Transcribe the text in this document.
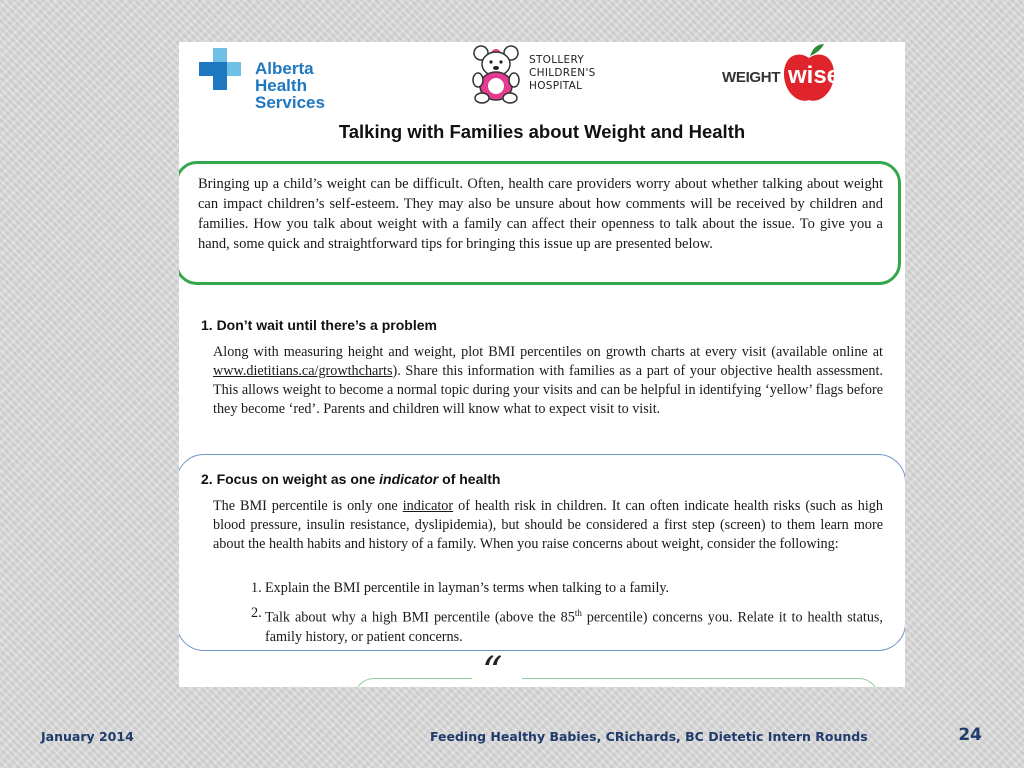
Alberta Health
Services
STOLLERY
CHILDREN'S
HOSPITAL	WEIGHT wise
Talking with Families about Weight and Health
Bringing up a child’s weight can be difficult. Often, health care providers worry about whether talking about weight can impact children’s self-esteem. They may also be unsure about how comments will be received by children and families. How you talk about weight with a family can affect their openness to talk about the issue. To give you a hand, some quick and straightforward tips for bringing this issue up are presented below.
1. Don’t wait until there’s a problem
Along with measuring height and weight, plot BMI percentiles on growth charts at every visit (available online at www.dietitians.ca/growthcharts). Share this information with families as a part of your objective health assessment. This allows weight to become a normal topic during your visits and can be helpful in identifying ‘yellow’ flags before they become ‘red’. Parents and children will know what to expect visit to visit.
2. Focus on weight as one indicator of health
The BMI percentile is only one indicator of health risk in children. It can often indicate health risks (such as high blood pressure, insulin resistance, dyslipidemia), but should be considered a first step (screen) to them learn more about the health habits and history of a family. When you raise concerns about weight, consider the following:
1. Explain the BMI percentile in layman’s terms when talking to a family.
2. Talk about why a high BMI percentile (above the 85th percentile) concerns you. Relate it to health status, family history, or patient concerns.
“
January 2014	Feeding Healthy Babies, CRichards, BC Dietetic Intern Rounds	24
